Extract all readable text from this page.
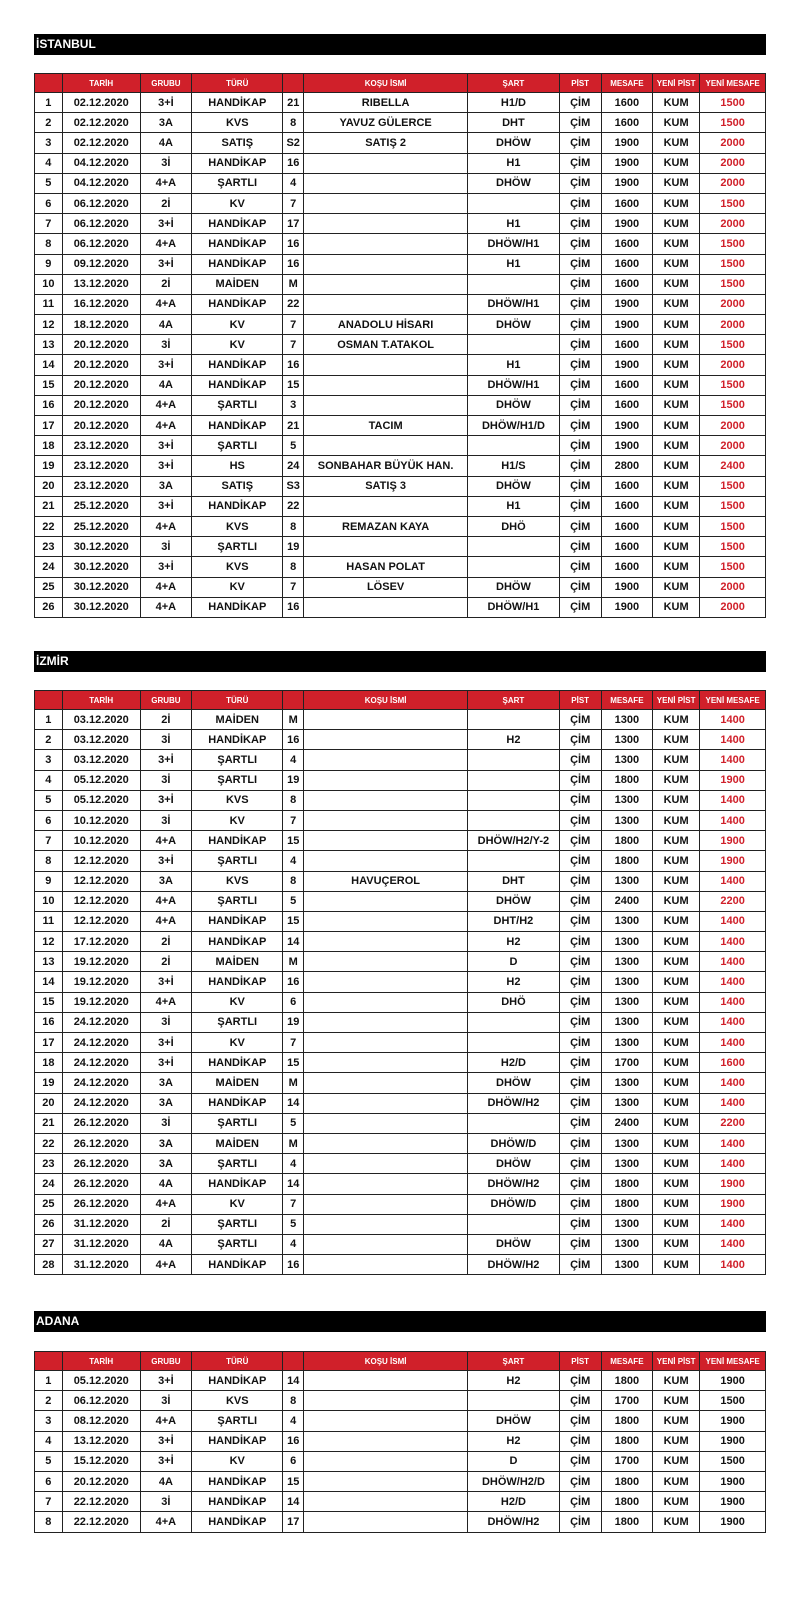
İSTANBUL
	TARİH	GRUBU	TÜRÜ		KOŞU İSMİ	ŞART	PİST	MESAFE	YENİ PİST	YENİ MESAFE
1	02.12.2020	3+İ	HANDİKAP	21	RIBELLA	H1/D	ÇİM	1600	KUM	1500
2	02.12.2020	3A	KVS	8	YAVUZ GÜLERCE	DHT	ÇİM	1600	KUM	1500
3	02.12.2020	4A	SATIŞ	S2	SATIŞ 2	DHÖW	ÇİM	1900	KUM	2000
4	04.12.2020	3İ	HANDİKAP	16		H1	ÇİM	1900	KUM	2000
5	04.12.2020	4+A	ŞARTLI	4		DHÖW	ÇİM	1900	KUM	2000
6	06.12.2020	2İ	KV	7			ÇİM	1600	KUM	1500
7	06.12.2020	3+İ	HANDİKAP	17		H1	ÇİM	1900	KUM	2000
8	06.12.2020	4+A	HANDİKAP	16		DHÖW/H1	ÇİM	1600	KUM	1500
9	09.12.2020	3+İ	HANDİKAP	16		H1	ÇİM	1600	KUM	1500
10	13.12.2020	2İ	MAİDEN	M			ÇİM	1600	KUM	1500
11	16.12.2020	4+A	HANDİKAP	22		DHÖW/H1	ÇİM	1900	KUM	2000
12	18.12.2020	4A	KV	7	ANADOLU HİSARI	DHÖW	ÇİM	1900	KUM	2000
13	20.12.2020	3İ	KV	7	OSMAN T.ATAKOL		ÇİM	1600	KUM	1500
14	20.12.2020	3+İ	HANDİKAP	16		H1	ÇİM	1900	KUM	2000
15	20.12.2020	4A	HANDİKAP	15		DHÖW/H1	ÇİM	1600	KUM	1500
16	20.12.2020	4+A	ŞARTLI	3		DHÖW	ÇİM	1600	KUM	1500
17	20.12.2020	4+A	HANDİKAP	21	TACIM	DHÖW/H1/D	ÇİM	1900	KUM	2000
18	23.12.2020	3+İ	ŞARTLI	5			ÇİM	1900	KUM	2000
19	23.12.2020	3+İ	HS	24	SONBAHAR BÜYÜK HAN.	H1/S	ÇİM	2800	KUM	2400
20	23.12.2020	3A	SATIŞ	S3	SATIŞ 3	DHÖW	ÇİM	1600	KUM	1500
21	25.12.2020	3+İ	HANDİKAP	22		H1	ÇİM	1600	KUM	1500
22	25.12.2020	4+A	KVS	8	REMAZAN KAYA	DHÖ	ÇİM	1600	KUM	1500
23	30.12.2020	3İ	ŞARTLI	19			ÇİM	1600	KUM	1500
24	30.12.2020	3+İ	KVS	8	HASAN POLAT		ÇİM	1600	KUM	1500
25	30.12.2020	4+A	KV	7	LÖSEV	DHÖW	ÇİM	1900	KUM	2000
26	30.12.2020	4+A	HANDİKAP	16		DHÖW/H1	ÇİM	1900	KUM	2000
İZMİR
	TARİH	GRUBU	TÜRÜ		KOŞU İSMİ	ŞART	PİST	MESAFE	YENİ PİST	YENİ MESAFE
1	03.12.2020	2İ	MAİDEN	M			ÇİM	1300	KUM	1400
2	03.12.2020	3İ	HANDİKAP	16		H2	ÇİM	1300	KUM	1400
3	03.12.2020	3+İ	ŞARTLI	4			ÇİM	1300	KUM	1400
4	05.12.2020	3İ	ŞARTLI	19			ÇİM	1800	KUM	1900
5	05.12.2020	3+İ	KVS	8			ÇİM	1300	KUM	1400
6	10.12.2020	3İ	KV	7			ÇİM	1300	KUM	1400
7	10.12.2020	4+A	HANDİKAP	15		DHÖW/H2/Y-2	ÇİM	1800	KUM	1900
8	12.12.2020	3+İ	ŞARTLI	4			ÇİM	1800	KUM	1900
9	12.12.2020	3A	KVS	8	HAVUÇEROL	DHT	ÇİM	1300	KUM	1400
10	12.12.2020	4+A	ŞARTLI	5		DHÖW	ÇİM	2400	KUM	2200
11	12.12.2020	4+A	HANDİKAP	15		DHT/H2	ÇİM	1300	KUM	1400
12	17.12.2020	2İ	HANDİKAP	14		H2	ÇİM	1300	KUM	1400
13	19.12.2020	2İ	MAİDEN	M		D	ÇİM	1300	KUM	1400
14	19.12.2020	3+İ	HANDİKAP	16		H2	ÇİM	1300	KUM	1400
15	19.12.2020	4+A	KV	6		DHÖ	ÇİM	1300	KUM	1400
16	24.12.2020	3İ	ŞARTLI	19			ÇİM	1300	KUM	1400
17	24.12.2020	3+İ	KV	7			ÇİM	1300	KUM	1400
18	24.12.2020	3+İ	HANDİKAP	15		H2/D	ÇİM	1700	KUM	1600
19	24.12.2020	3A	MAİDEN	M		DHÖW	ÇİM	1300	KUM	1400
20	24.12.2020	3A	HANDİKAP	14		DHÖW/H2	ÇİM	1300	KUM	1400
21	26.12.2020	3İ	ŞARTLI	5			ÇİM	2400	KUM	2200
22	26.12.2020	3A	MAİDEN	M		DHÖW/D	ÇİM	1300	KUM	1400
23	26.12.2020	3A	ŞARTLI	4		DHÖW	ÇİM	1300	KUM	1400
24	26.12.2020	4A	HANDİKAP	14		DHÖW/H2	ÇİM	1800	KUM	1900
25	26.12.2020	4+A	KV	7		DHÖW/D	ÇİM	1800	KUM	1900
26	31.12.2020	2İ	ŞARTLI	5			ÇİM	1300	KUM	1400
27	31.12.2020	4A	ŞARTLI	4		DHÖW	ÇİM	1300	KUM	1400
28	31.12.2020	4+A	HANDİKAP	16		DHÖW/H2	ÇİM	1300	KUM	1400
ADANA
	TARİH	GRUBU	TÜRÜ		KOŞU İSMİ	ŞART	PİST	MESAFE	YENİ PİST	YENİ MESAFE
1	05.12.2020	3+İ	HANDİKAP	14		H2	ÇİM	1800	KUM	1900
2	06.12.2020	3İ	KVS	8			ÇİM	1700	KUM	1500
3	08.12.2020	4+A	ŞARTLI	4		DHÖW	ÇİM	1800	KUM	1900
4	13.12.2020	3+İ	HANDİKAP	16		H2	ÇİM	1800	KUM	1900
5	15.12.2020	3+İ	KV	6		D	ÇİM	1700	KUM	1500
6	20.12.2020	4A	HANDİKAP	15		DHÖW/H2/D	ÇİM	1800	KUM	1900
7	22.12.2020	3İ	HANDİKAP	14		H2/D	ÇİM	1800	KUM	1900
8	22.12.2020	4+A	HANDİKAP	17		DHÖW/H2	ÇİM	1800	KUM	1900
